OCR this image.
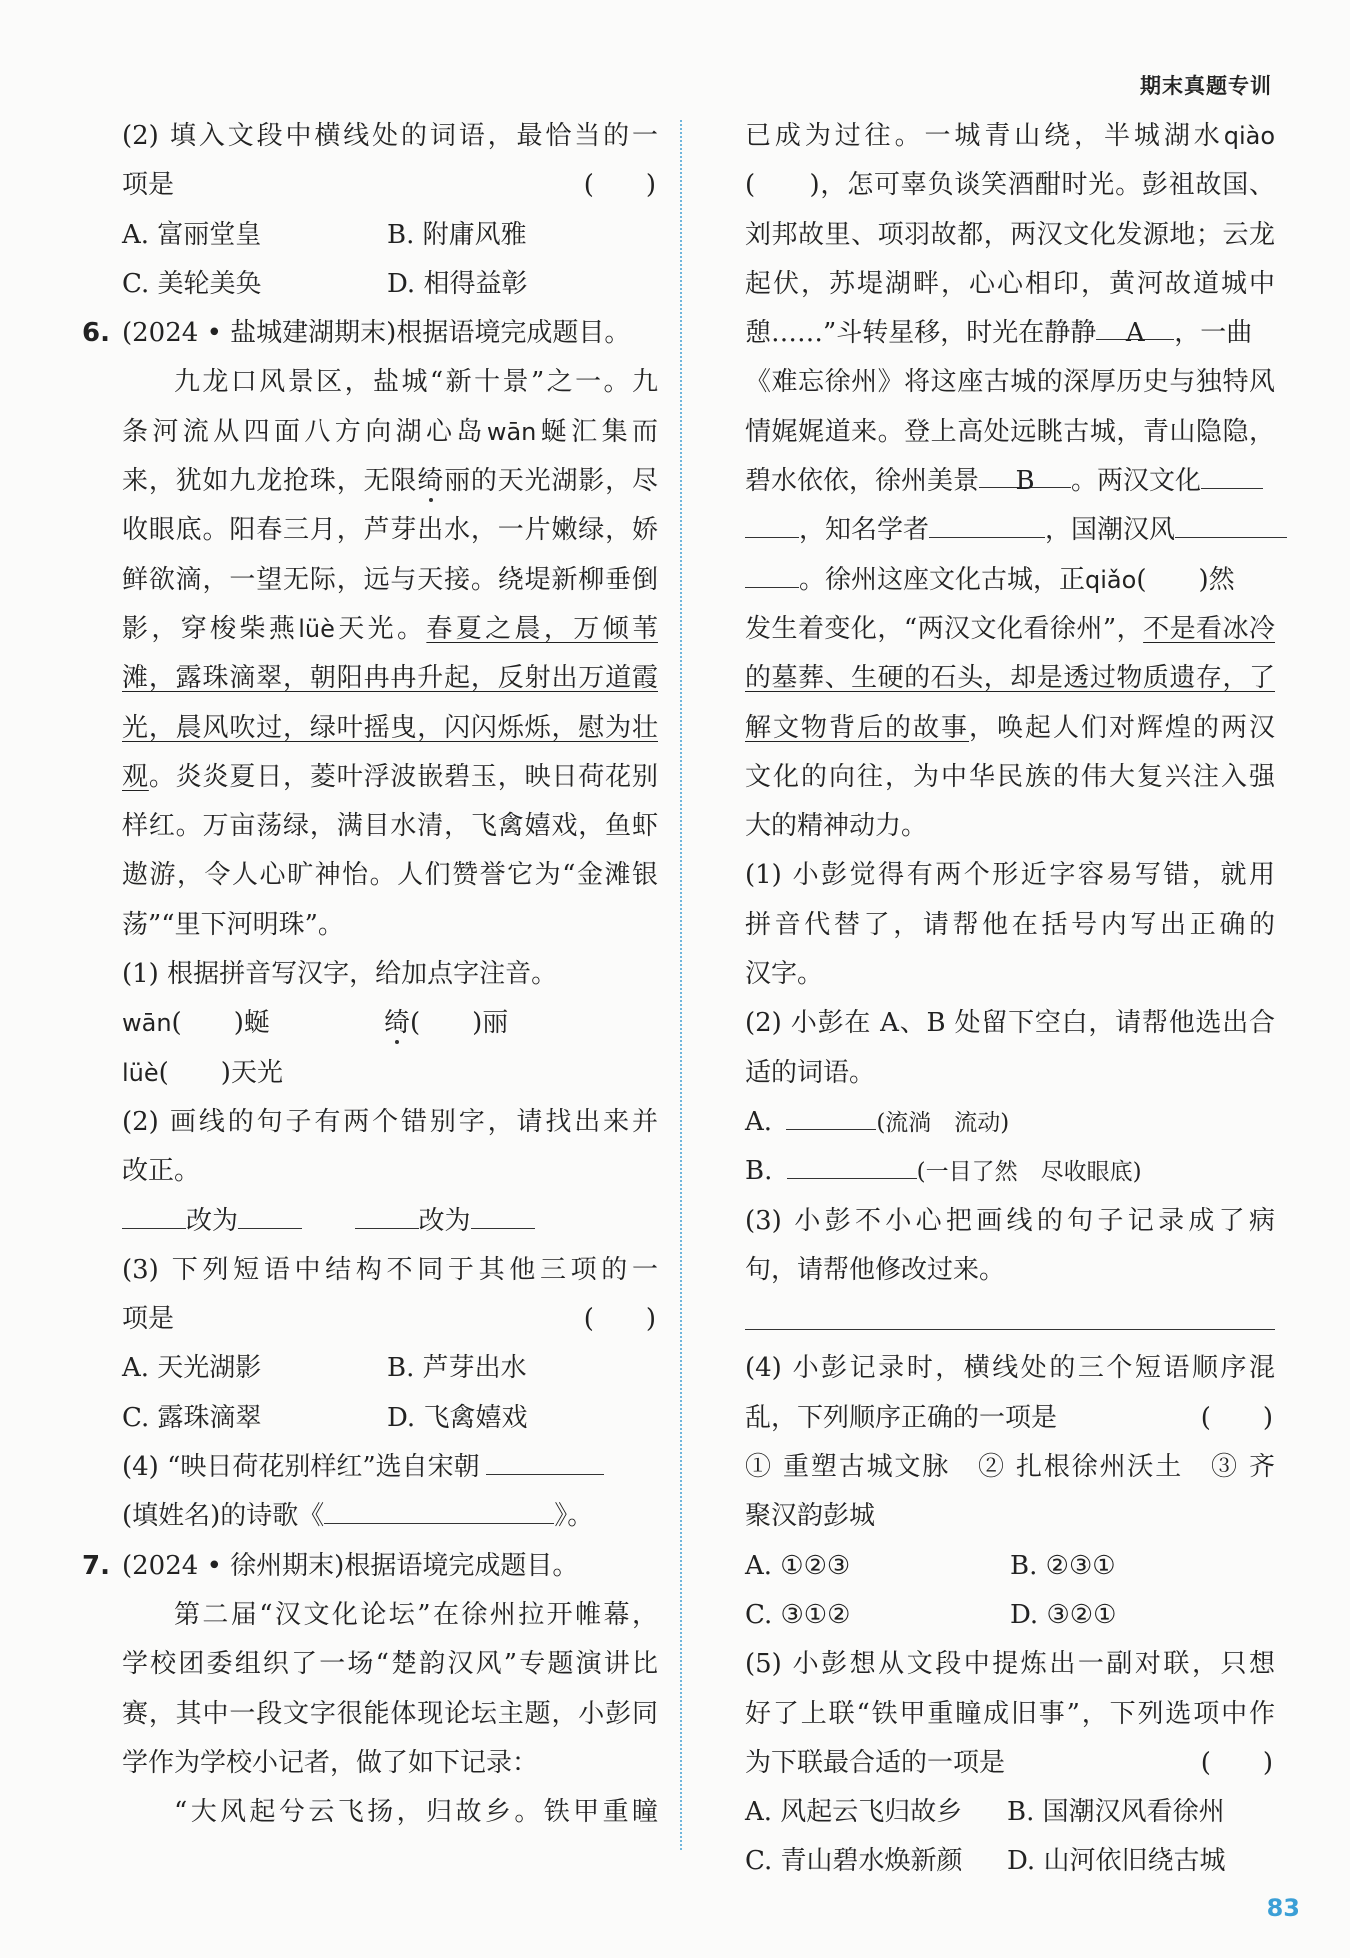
期末真题专训
(2) 填入文段中横线处的词语，最恰当的一
项是	(　　)
A. 富丽堂皇	B. 附庸风雅
C. 美轮美奂	D. 相得益彰
6. (2024 • 盐城建湖期末)根据语境完成题目。
九龙口风景区，盐城“新十景”之一。九
条河流从四面八方向湖心岛wān蜒汇集而
来，犹如九龙抢珠，无限绮丽的天光湖影，尽
收眼底。阳春三月，芦芽出水，一片嫩绿，娇
鲜欲滴，一望无际，远与天接。绕堤新柳垂倒
影，穿梭柴燕lüè天光。春夏之晨，万倾苇
滩，露珠滴翠，朝阳冉冉升起，反射出万道霞
光，晨风吹过，绿叶摇曳，闪闪烁烁，慰为壮
观。炎炎夏日，菱叶浮波嵌碧玉，映日荷花别
样红。万亩荡绿，满目水清，飞禽嬉戏，鱼虾
遨游，令人心旷神怡。人们赞誉它为“金滩银
荡”“里下河明珠”。
(1) 根据拼音写汉字，给加点字注音。
wān(　　)蜒	绮(　　)丽
lüè(　　)天光
(2) 画线的句子有两个错别字，请找出来并
改正。
改为	改为
(3) 下列短语中结构不同于其他三项的一
项是	(　　)
A. 天光湖影	B. 芦芽出水
C. 露珠滴翠	D. 飞禽嬉戏
(4) “映日荷花别样红”选自宋朝
(填姓名)的诗歌《	》。
7. (2024 • 徐州期末)根据语境完成题目。
第二届“汉文化论坛”在徐州拉开帷幕，
学校团委组织了一场“楚韵汉风”专题演讲比
赛，其中一段文字很能体现论坛主题，小彭同
学作为学校小记者，做了如下记录：
“大风起兮云飞扬，归故乡。铁甲重瞳
已成为过往。一城青山绕，半城湖水qiào
(　　)，怎可辜负谈笑酒酣时光。彭祖故国、
刘邦故里、项羽故都，两汉文化发源地；云龙
起伏，苏堤湖畔，心心相印，黄河故道城中
憩……”斗转星移，时光在静静 A ，一曲
《难忘徐州》将这座古城的深厚历史与独特风
情娓娓道来。登上高处远眺古城，青山隐隐，
碧水依依，徐州美景 B 。两汉文化
，知名学者	，国潮汉风
。徐州这座文化古城，正qiǎo(　　)然
发生着变化，“两汉文化看徐州”，不是看冰冷
的墓葬、生硬的石头，却是透过物质遗存，了
解文物背后的故事，唤起人们对辉煌的两汉
文化的向往，为中华民族的伟大复兴注入强
大的精神动力。
(1) 小彭觉得有两个形近字容易写错，就用
拼音代替了，请帮他在括号内写出正确的
汉字。
(2) 小彭在 A、B 处留下空白，请帮他选出合
适的词语。
A.	(流淌　流动)
B.	(一目了然　尽收眼底)
(3) 小彭不小心把画线的句子记录成了病
句，请帮他修改过来。
(4) 小彭记录时，横线处的三个短语顺序混
乱，下列顺序正确的一项是	(　　)
① 重塑古城文脉　② 扎根徐州沃土　③ 齐
聚汉韵彭城
A. ①②③	B. ②③①
C. ③①②	D. ③②①
(5) 小彭想从文段中提炼出一副对联，只想
好了上联“铁甲重瞳成旧事”，下列选项中作
为下联最合适的一项是	(　　)
A. 风起云飞归故乡 B. 国潮汉风看徐州
C. 青山碧水焕新颜 D. 山河依旧绕古城
83
